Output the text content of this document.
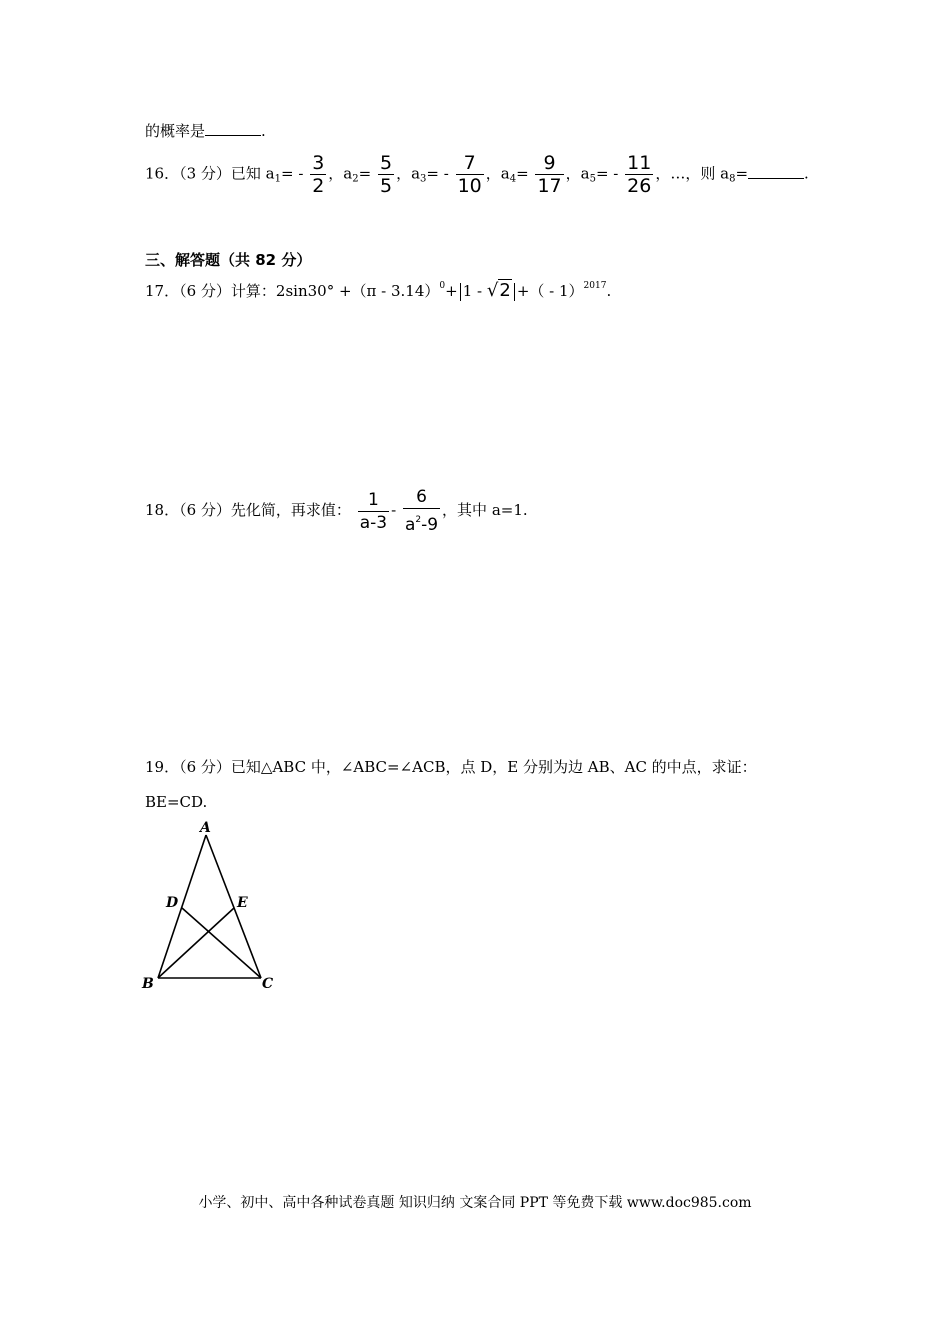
的概率是	.
16．（3 分）已知 $a_1= - \frac{3}{2}$ ，$a_2= \frac{5}{5}$ ，$a_3= - \frac{7}{10}$ ，$a_4= \frac{9}{17}$ ，$a_5= - \frac{11}{26}$ ，…，则 $a_8=$	.
三、解答题（共 82 分）
17．（6 分）计算：2sin30° +（π - 3.14）$^0$+ 1 - √2 +（ - 1）$^{2017}$.
18．（6 分）先化简，再求值： $\frac{1}{a-3} - \frac{6}{a^2-9}$ ，其中 a=1.
19．（6 分）已知△ABC 中，∠ABC=∠ACB，点 D，E 分别为边 AB、AC 的中点，求证：
BE=CD.
A
B	C
D	E
小学、初中、高中各种试卷真题 知识归纳 文案合同 PPT 等免费下载 www.doc985.com
